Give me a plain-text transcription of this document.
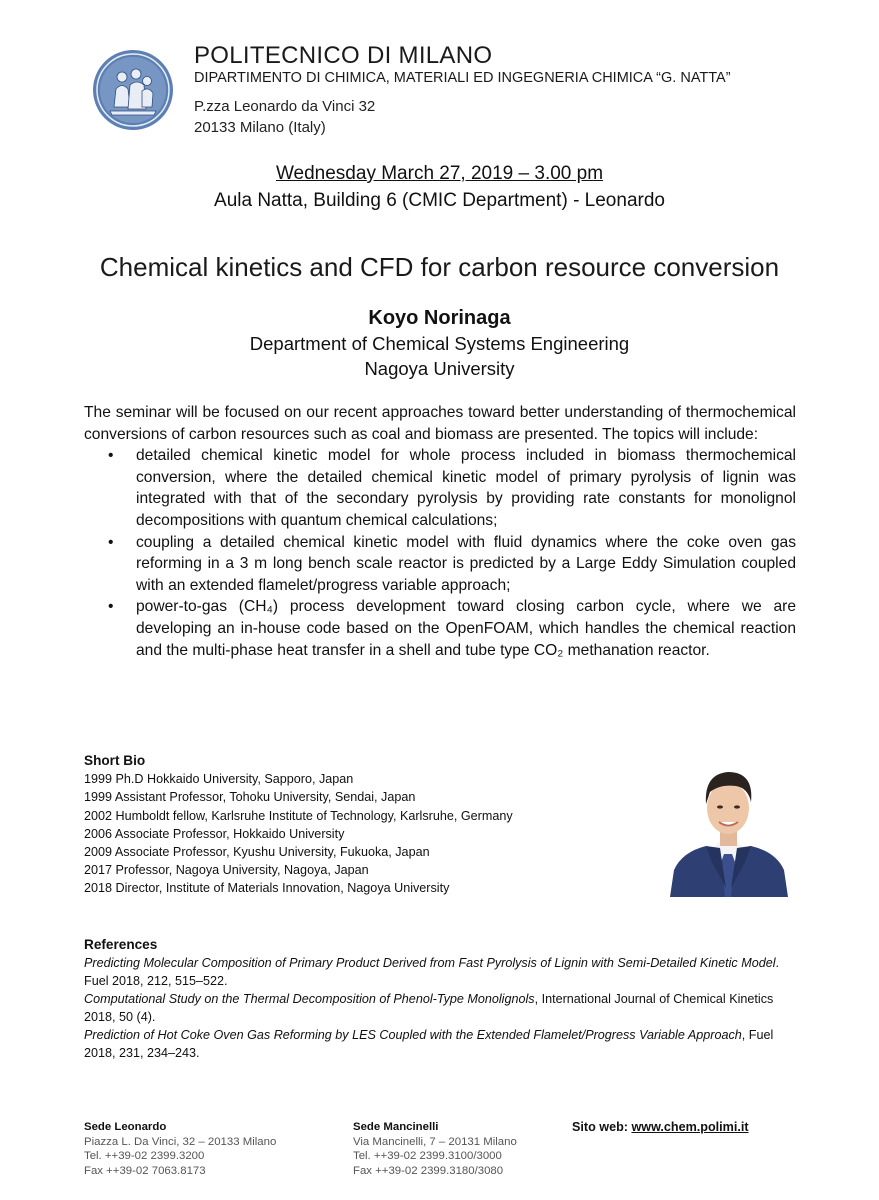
POLITECNICO DI MILANO
DIPARTIMENTO DI CHIMICA, MATERIALI ED INGEGNERIA CHIMICA “G. NATTA”
P.zza Leonardo da Vinci 32
20133 Milano (Italy)
Wednesday March 27, 2019 – 3.00 pm
Aula Natta, Building 6 (CMIC Department) - Leonardo
Chemical kinetics and CFD for carbon resource conversion
Koyo Norinaga
Department of Chemical Systems Engineering
Nagoya University

The seminar will be focused on our recent approaches toward better understanding of thermochemical conversions of carbon resources such as coal and biomass are presented. The topics will include:

• detailed chemical kinetic model for whole process included in biomass thermochemical conversion, where the detailed chemical kinetic model of primary pyrolysis of lignin was integrated with that of the secondary pyrolysis by providing rate constants for monolignol decompositions with quantum chemical calculations;
• coupling a detailed chemical kinetic model with fluid dynamics where the coke oven gas reforming in a 3 m long bench scale reactor is predicted by a Large Eddy Simulation coupled with an extended flamelet/progress variable approach;
• power-to-gas (CH₄) process development toward closing carbon cycle, where we are developing an in-house code based on the OpenFOAM, which handles the chemical reaction and the multi-phase heat transfer in a shell and tube type CO₂ methanation reactor.
Short Bio
1999 Ph.D Hokkaido University, Sapporo, Japan
1999 Assistant Professor, Tohoku University, Sendai, Japan
2002 Humboldt fellow, Karlsruhe Institute of Technology, Karlsruhe, Germany
2006 Associate Professor, Hokkaido University
2009 Associate Professor, Kyushu University, Fukuoka, Japan
2017 Professor, Nagoya University, Nagoya, Japan
2018 Director, Institute of Materials Innovation, Nagoya University
References
Predicting Molecular Composition of Primary Product Derived from Fast Pyrolysis of Lignin with Semi-Detailed Kinetic Model. Fuel 2018, 212, 515–522.
Computational Study on the Thermal Decomposition of Phenol-Type Monolignols, International Journal of Chemical Kinetics 2018, 50 (4).
Prediction of Hot Coke Oven Gas Reforming by LES Coupled with the Extended Flamelet/Progress Variable Approach, Fuel 2018, 231, 234–243.
Sede Leonardo
Piazza L. Da Vinci, 32 – 20133 Milano
Tel. ++39-02 2399.3200
Fax ++39-02 7063.8173
Sede Mancinelli
Via Mancinelli, 7 – 20131 Milano
Tel. ++39-02 2399.3100/3000
Fax ++39-02 2399.3180/3080
Sito web: www.chem.polimi.it
